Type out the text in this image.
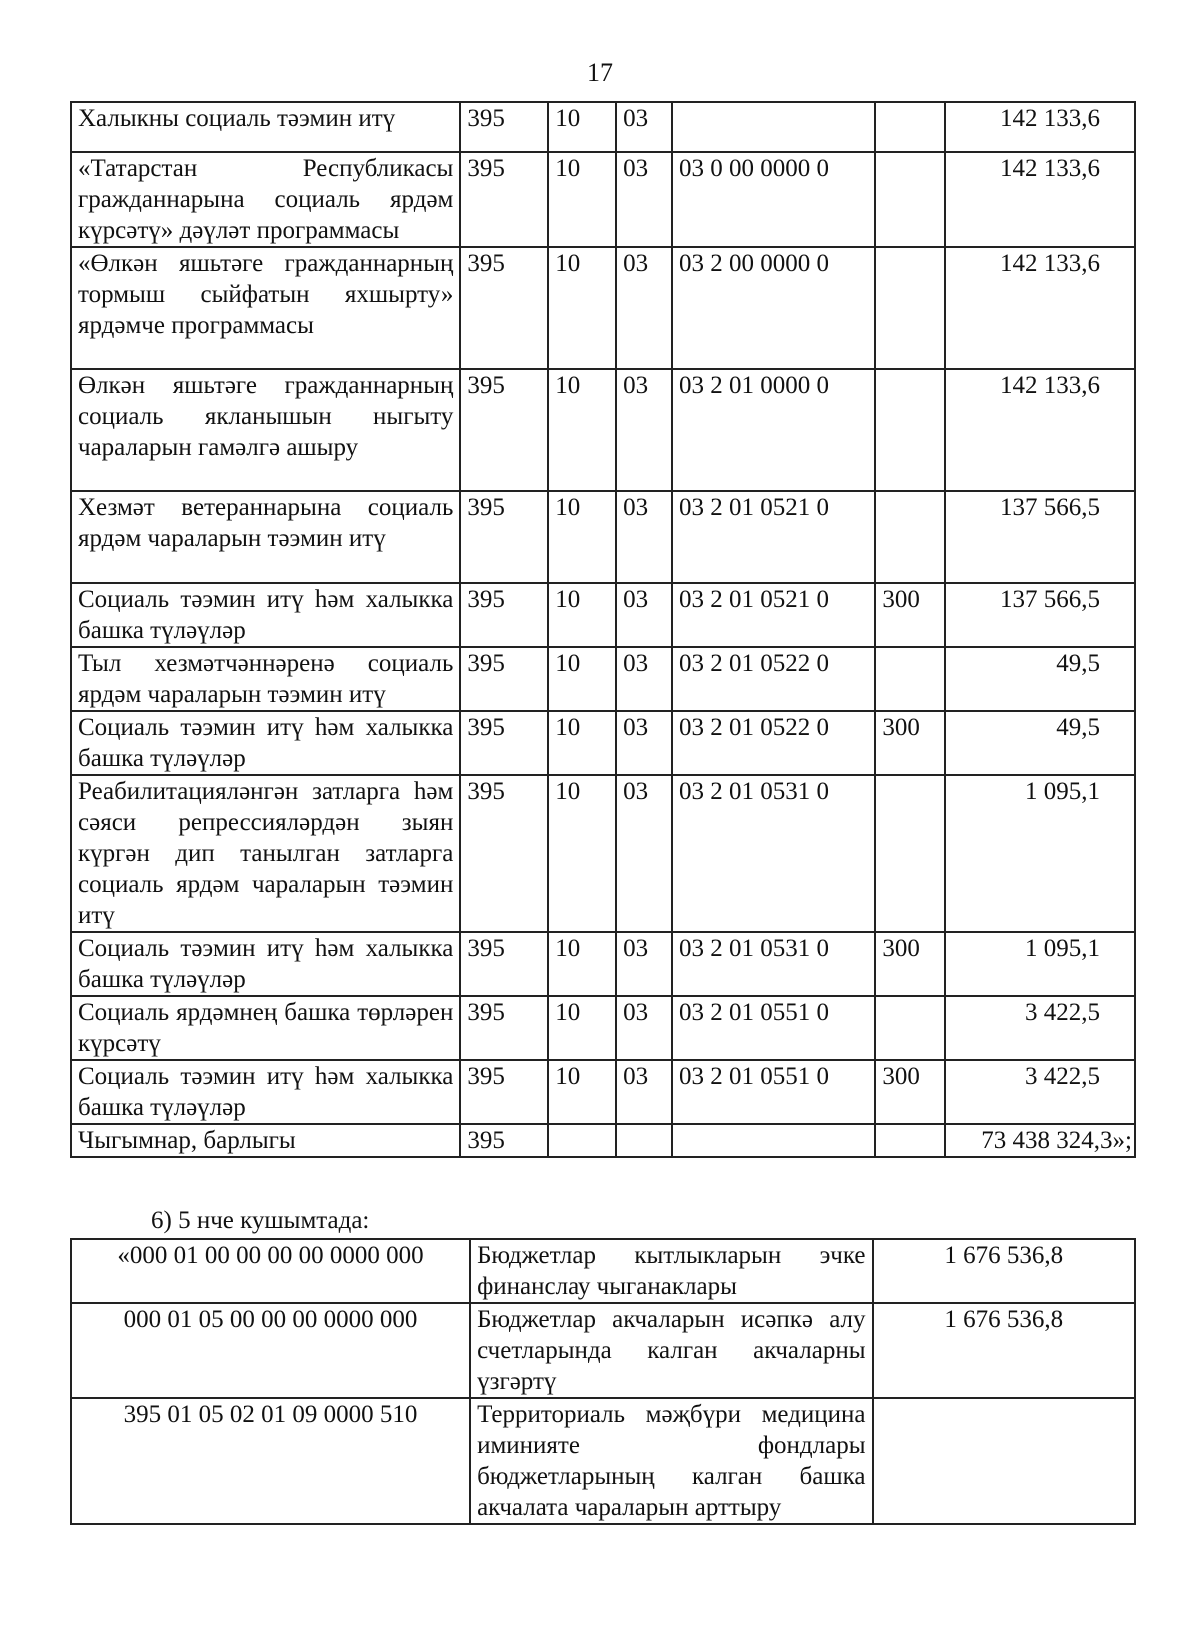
17
Халыкны социаль тәэмин итү	395	10	03			142 133,6
«Татарстан Республикасы гражданнарына социаль ярдәм күрсәтү» дәүләт программасы	395	10	03	03 0 00 0000 0		142 133,6
«Өлкән яшьтәге гражданнарның тормыш сыйфатын яхшырту» ярдәмче программасы	395	10	03	03 2 00 0000 0		142 133,6
Өлкән яшьтәге гражданнарның социаль якланышын ныгыту чараларын гамәлгә ашыру	395	10	03	03 2 01 0000 0		142 133,6
Хезмәт ветераннарына социаль ярдәм чараларын тәэмин итү	395	10	03	03 2 01 0521 0		137 566,5
Социаль тәэмин итү һәм халыкка башка түләүләр	395	10	03	03 2 01 0521 0	300	137 566,5
Тыл хезмәтчәннәренә социаль ярдәм чараларын тәэмин итү	395	10	03	03 2 01 0522 0		49,5
Социаль тәэмин итү һәм халыкка башка түләүләр	395	10	03	03 2 01 0522 0	300	49,5
Реабилитацияләнгән затларга һәм сәяси репрессияләрдән зыян күргән дип танылган затларга социаль ярдәм чараларын тәэмин итү	395	10	03	03 2 01 0531 0		1 095,1
Социаль тәэмин итү һәм халыкка башка түләүләр	395	10	03	03 2 01 0531 0	300	1 095,1
Социаль ярдәмнең башка төрләрен күрсәтү	395	10	03	03 2 01 0551 0		3 422,5
Социаль тәэмин итү һәм халыкка башка түләүләр	395	10	03	03 2 01 0551 0	300	3 422,5
Чыгымнар, барлыгы	395					73 438 324,3»;
6) 5 нче кушымтада:
«000 01 00 00 00 00 0000 000	Бюджетлар кытлыкларын эчке финанслау чыганаклары	1 676 536,8
000 01 05 00 00 00 0000 000	Бюджетлар акчаларын исәпкә алу счетларында калган акчаларны үзгәртү	1 676 536,8
395 01 05 02 01 09 0000 510	Территориаль мәҗбүри медицина иминияте фондлары бюджетларының калган башка акчалата чараларын арттыру	
